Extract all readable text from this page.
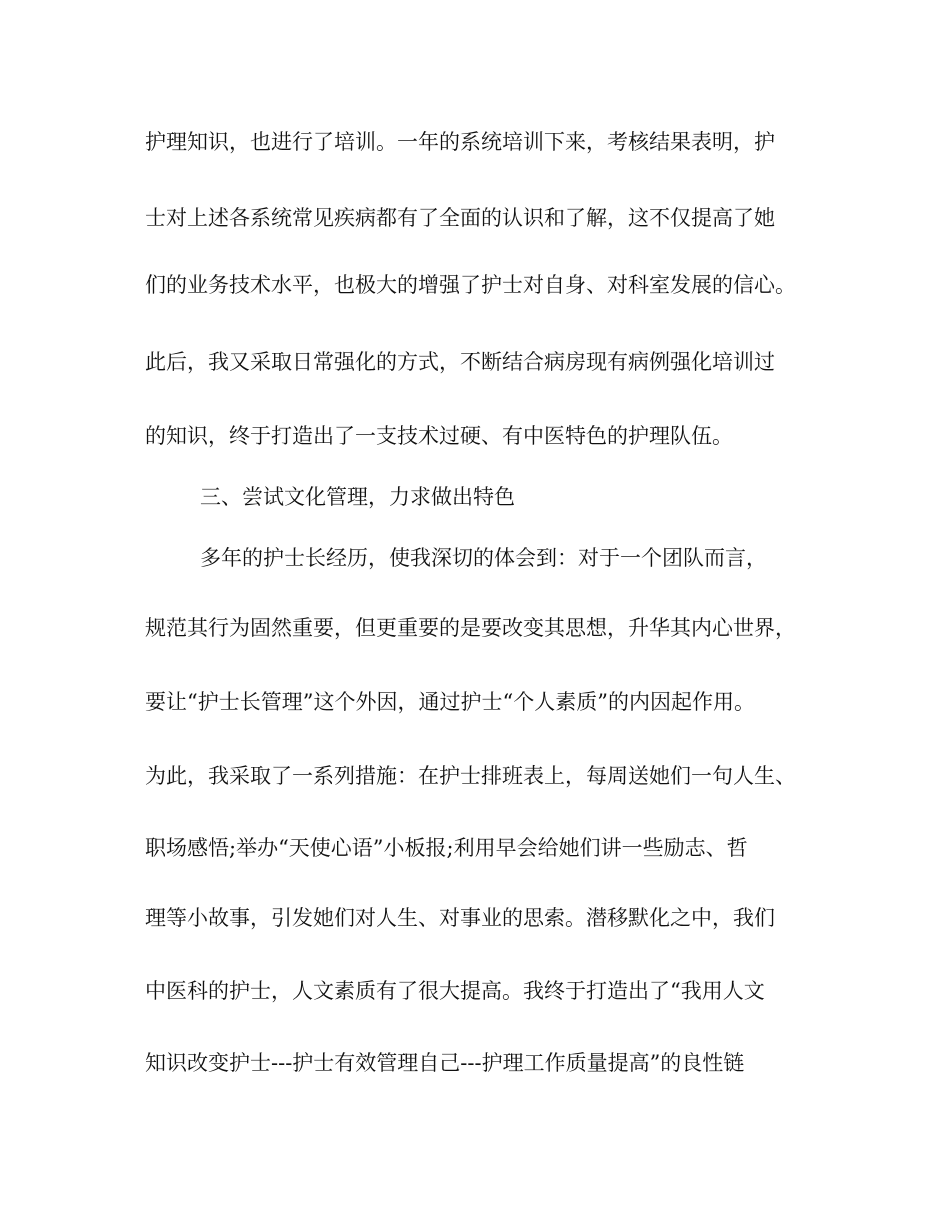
护理知识，也进行了培训。一年的系统培训下来，考核结果表明，护
士对上述各系统常见疾病都有了全面的认识和了解，这不仅提高了她
们的业务技术水平，也极大的增强了护士对自身、对科室发展的信心。
此后，我又采取日常强化的方式，不断结合病房现有病例强化培训过
的知识，终于打造出了一支技术过硬、有中医特色的护理队伍。
三、尝试文化管理，力求做出特色
多年的护士长经历，使我深切的体会到：对于一个团队而言，
规范其行为固然重要，但更重要的是要改变其思想，升华其内心世界，
要让“护士长管理”这个外因，通过护士“个人素质”的内因起作用。
为此，我采取了一系列措施：在护士排班表上，每周送她们一句人生、
职场感悟;举办“天使心语”小板报;利用早会给她们讲一些励志、哲
理等小故事，引发她们对人生、对事业的思索。潜移默化之中，我们
中医科的护士，人文素质有了很大提高。我终于打造出了“我用人文
知识改变护士---护士有效管理自己---护理工作质量提高”的良性链
